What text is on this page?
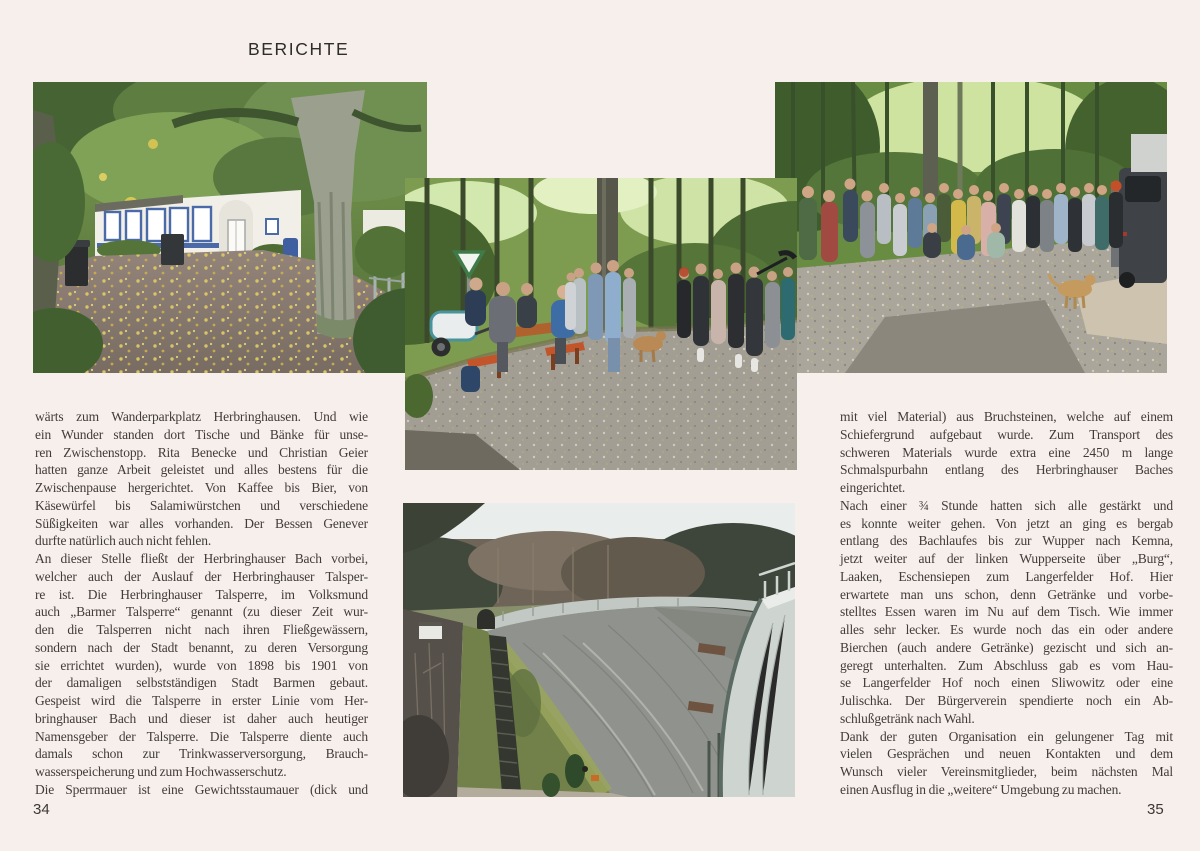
BERICHTE

wärts zum Wanderparkplatz Herbringhausen. Und wie
ein Wunder standen dort Tische und Bänke für unse-
ren Zwischenstopp. Rita Benecke und Christian Geier
hatten ganze Arbeit geleistet und alles bestens für die
Zwischenpause hergerichtet. Von Kaffee bis Bier, von
Käsewürfel bis Salamiwürstchen und verschiedene
Süßigkeiten war alles vorhanden. Der Bessen Genever
durfte natürlich auch nicht fehlen.

An dieser Stelle fließt der Herbringhauser Bach vorbei,
welcher auch der Auslauf der Herbringhauser Talsper-
re ist. Die Herbringhauser Talsperre, im Volksmund
auch „Barmer Talsperre“ genannt (zu dieser Zeit wur-
den die Talsperren nicht nach ihren Fließgewässern,
sondern nach der Stadt benannt, zu deren Versorgung
sie errichtet wurden), wurde von 1898 bis 1901 von
der damaligen selbstständigen Stadt Barmen gebaut.
Gespeist wird die Talsperre in erster Linie vom Her-
bringhauser Bach und dieser ist daher auch heutiger
Namensgeber der Talsperre. Die Talsperre diente auch
damals schon zur Trinkwasserversorgung, Brauch-
wasserspeicherung und zum Hochwasserschutz.

Die Sperrmauer ist eine Gewichtsstaumauer (dick und

mit viel Material) aus Bruchsteinen, welche auf einem
Schiefergrund aufgebaut wurde. Zum Transport des
schweren Materials wurde extra eine 2450 m lange
Schmalspurbahn entlang des Herbringhauser Baches
eingerichtet.

Nach einer ¾ Stunde hatten sich alle gestärkt und
es konnte weiter gehen. Von jetzt an ging es bergab
entlang des Bachlaufes bis zur Wupper nach Kemna,
jetzt weiter auf der linken Wupperseite über „Burg“,
Laaken, Eschensiepen zum Langerfelder Hof. Hier
erwartete man uns schon, denn Getränke und vorbe-
stelltes Essen waren im Nu auf dem Tisch. Wie immer
alles sehr lecker. Es wurde noch das ein oder andere
Bierchen (auch andere Getränke) gezischt und sich an-
geregt unterhalten. Zum Abschluss gab es vom Hau-
se Langerfelder Hof noch einen Sliwowitz oder eine
Julischka. Der Bürgerverein spendierte noch ein Ab-
schlußgetränk nach Wahl.

Dank der guten Organisation ein gelungener Tag mit
vielen Gesprächen und neuen Kontakten und dem
Wunsch vieler Vereinsmitglieder, beim nächsten Mal
einen Ausflug in die „weitere“ Umgebung zu machen.

34	35
